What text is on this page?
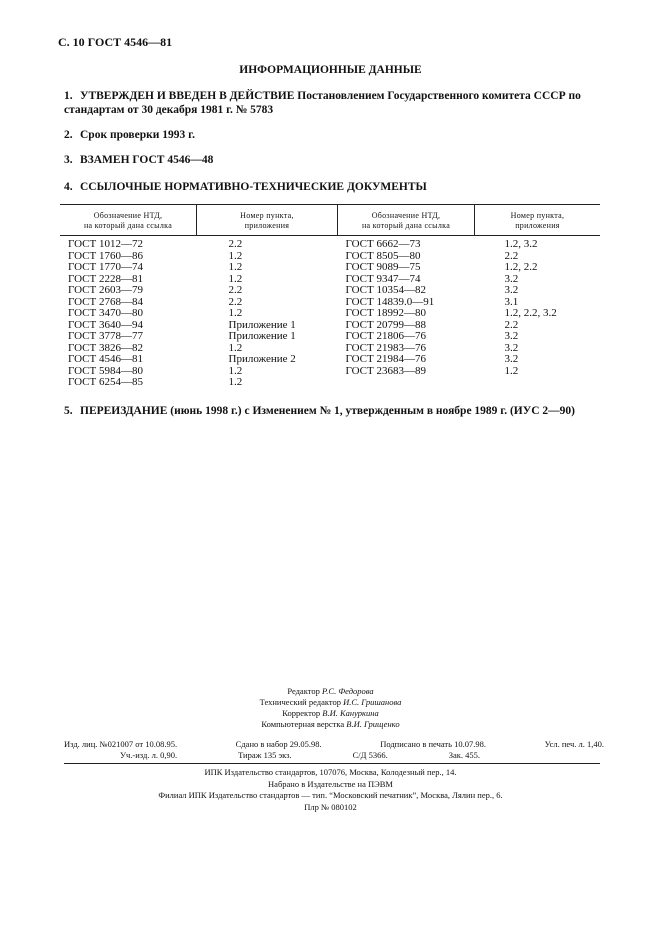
С. 10 ГОСТ 4546—81
ИНФОРМАЦИОННЫЕ ДАННЫЕ
1. УТВЕРЖДЕН И ВВЕДЕН В ДЕЙСТВИЕ Постановлением Государственного комитета СССР по стандартам от 30 декабря 1981 г. № 5783
2. Срок проверки 1993 г.
3. ВЗАМЕН ГОСТ 4546—48
4. ССЫЛОЧНЫЕ НОРМАТИВНО-ТЕХНИЧЕСКИЕ ДОКУМЕНТЫ
Обозначение НТД,
на который дана ссылка	Номер пункта,
приложения	Обозначение НТД,
на который дана ссылка	Номер пункта,
приложения
ГОСТ 1012—72	2.2	ГОСТ 6662—73	1.2, 3.2
ГОСТ 1760—86	1.2	ГОСТ 8505—80	2.2
ГОСТ 1770—74	1.2	ГОСТ 9089—75	1.2, 2.2
ГОСТ 2228—81	1.2	ГОСТ 9347—74	3.2
ГОСТ 2603—79	2.2	ГОСТ 10354—82	3.2
ГОСТ 2768—84	2.2	ГОСТ 14839.0—91	3.1
ГОСТ 3470—80	1.2	ГОСТ 18992—80	1.2, 2.2, 3.2
ГОСТ 3640—94	Приложение 1	ГОСТ 20799—88	2.2
ГОСТ 3778—77	Приложение 1	ГОСТ 21806—76	3.2
ГОСТ 3826—82	1.2	ГОСТ 21983—76	3.2
ГОСТ 4546—81	Приложение 2	ГОСТ 21984—76	3.2
ГОСТ 5984—80	1.2	ГОСТ 23683—89	1.2
ГОСТ 6254—85	1.2		
5. ПЕРЕИЗДАНИЕ (июнь 1998 г.) с Изменением № 1, утвержденным в ноябре 1989 г. (ИУС 2—90)
Редактор Р.С. Федорова
Технический редактор И.С. Гришанова
Корректор В.И. Кануркина
Компьютерная верстка В.И. Грищенко
Изд. лиц. №021007 от 10.08.95.	Сдано в набор 29.05.98.	Подписано в печать 10.07.98.	Усл. печ. л. 1,40.
Уч.-изд. л. 0,90.	Тираж 135 экз.	С/Д 5366.	Зак. 455.
ИПК Издательство стандартов, 107076, Москва, Колодезный пер., 14.
Набрано в Издательстве на ПЭВМ
Филиал ИПК Издательство стандартов — тип. “Московский печатник”, Москва, Лялин пер., 6.
Плр № 080102
